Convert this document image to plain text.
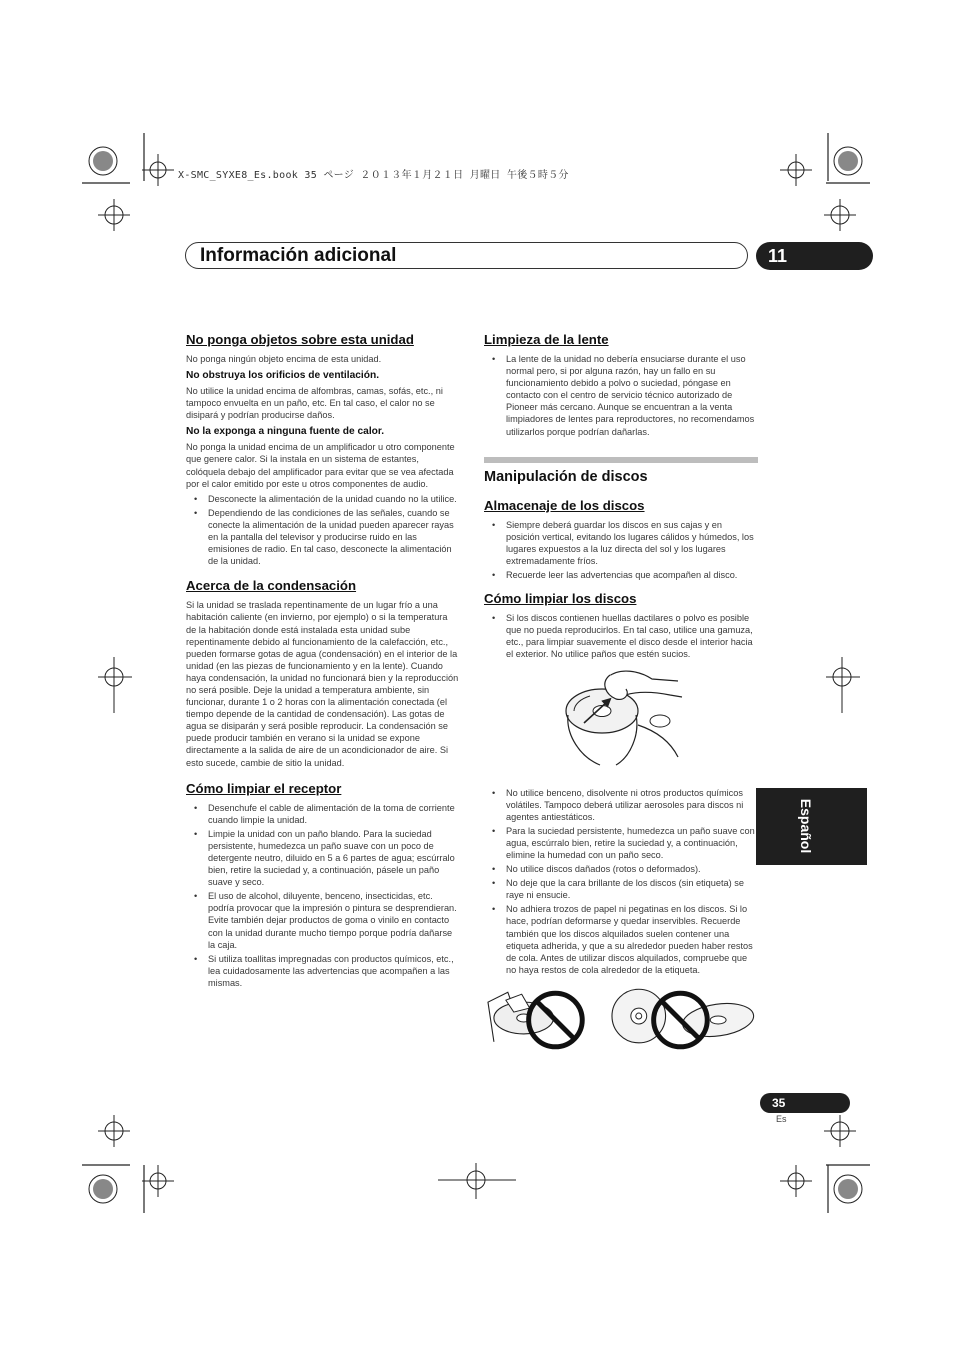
X-SMC_SYXE8_Es.book 35 ページ ２０１３年１月２１日 月曜日 午後５時５分
Información adicional	11
No ponga objetos sobre esta unidad

No ponga ningún objeto encima de esta unidad.

No obstruya los orificios de ventilación.

No utilice la unidad encima de alfombras, camas, sofás, etc., ni tampoco envuelta en un paño, etc. En tal caso, el calor no se disipará y podrían producirse daños.

No la exponga a ninguna fuente de calor.

No ponga la unidad encima de un amplificador u otro componente que genere calor. Si la instala en un sistema de estantes, colóquela debajo del amplificador para evitar que se vea afectada por el calor emitido por este u otros componentes de audio.

• Desconecte la alimentación de la unidad cuando no la utilice.
• Dependiendo de las condiciones de las señales, cuando se conecte la alimentación de la unidad pueden aparecer rayas en la pantalla del televisor y producirse ruido en las emisiones de radio. En tal caso, desconecte la alimentación de la unidad.
Acerca de la condensación

Si la unidad se traslada repentinamente de un lugar frío a una habitación caliente (en invierno, por ejemplo) o si la temperatura de la habitación donde está instalada esta unidad sube repentinamente debido al funcionamiento de la calefacción, etc., pueden formarse gotas de agua (condensación) en el interior de la unidad (en las piezas de funcionamiento y en la lente). Cuando haya condensación, la unidad no funcionará bien y la reproducción no será posible. Deje la unidad a temperatura ambiente, sin funcionar, durante 1 o 2 horas con la alimentación conectada (el tiempo depende de la cantidad de condensación). Las gotas de agua se disiparán y será posible reproducir. La condensación se puede producir también en verano si la unidad se expone directamente a la salida de aire de un acondicionador de aire. Si esto sucede, cambie de sitio la unidad.

Cómo limpiar el receptor
• Desenchufe el cable de alimentación de la toma de corriente cuando limpie la unidad.
• Limpie la unidad con un paño blando. Para la suciedad persistente, humedezca un paño suave con un poco de detergente neutro, diluido en 5 a 6 partes de agua; escúrralo bien, retire la suciedad y, a continuación, pásele un paño suave y seco.
• El uso de alcohol, diluyente, benceno, insecticidas, etc. podría provocar que la impresión o pintura se desprendieran. Evite también dejar productos de goma o vinilo en contacto con la unidad durante mucho tiempo porque podría dañarse la caja.
• Si utiliza toallitas impregnadas con productos químicos, etc., lea cuidadosamente las advertencias que acompañen a las mismas.
Limpieza de la lente
• La lente de la unidad no debería ensuciarse durante el uso normal pero, si por alguna razón, hay un fallo en su funcionamiento debido a polvo o suciedad, póngase en contacto con el centro de servicio técnico autorizado de Pioneer más cercano. Aunque se encuentran a la venta limpiadores de lentes para reproductores, no recomendamos utilizarlos porque podrían dañarlas.
Manipulación de discos
Almacenaje de los discos
• Siempre deberá guardar los discos en sus cajas y en posición vertical, evitando los lugares cálidos y húmedos, los lugares expuestos a la luz directa del sol y los lugares extremadamente fríos.
• Recuerde leer las advertencias que acompañen al disco.
Cómo limpiar los discos
• Si los discos contienen huellas dactilares o polvo es posible que no pueda reproducirlos. En tal caso, utilice una gamuza, etc., para limpiar suavemente el disco desde el interior hacia el exterior. No utilice paños que estén sucios.
• No utilice benceno, disolvente ni otros productos químicos volátiles. Tampoco deberá utilizar aerosoles para discos ni agentes antiestáticos.
• Para la suciedad persistente, humedezca un paño suave con agua, escúrralo bien, retire la suciedad y, a continuación, elimine la humedad con un paño seco.
• No utilice discos dañados (rotos o deformados).
• No deje que la cara brillante de los discos (sin etiqueta) se raye ni ensucie.
• No adhiera trozos de papel ni pegatinas en los discos. Si lo hace, podrían deformarse y quedar inservibles. Recuerde también que los discos alquilados suelen contener una etiqueta adherida, y que a su alrededor pueden haber restos de cola. Antes de utilizar discos alquilados, compruebe que no haya restos de cola alrededor de la etiqueta.
Español
35
Es
